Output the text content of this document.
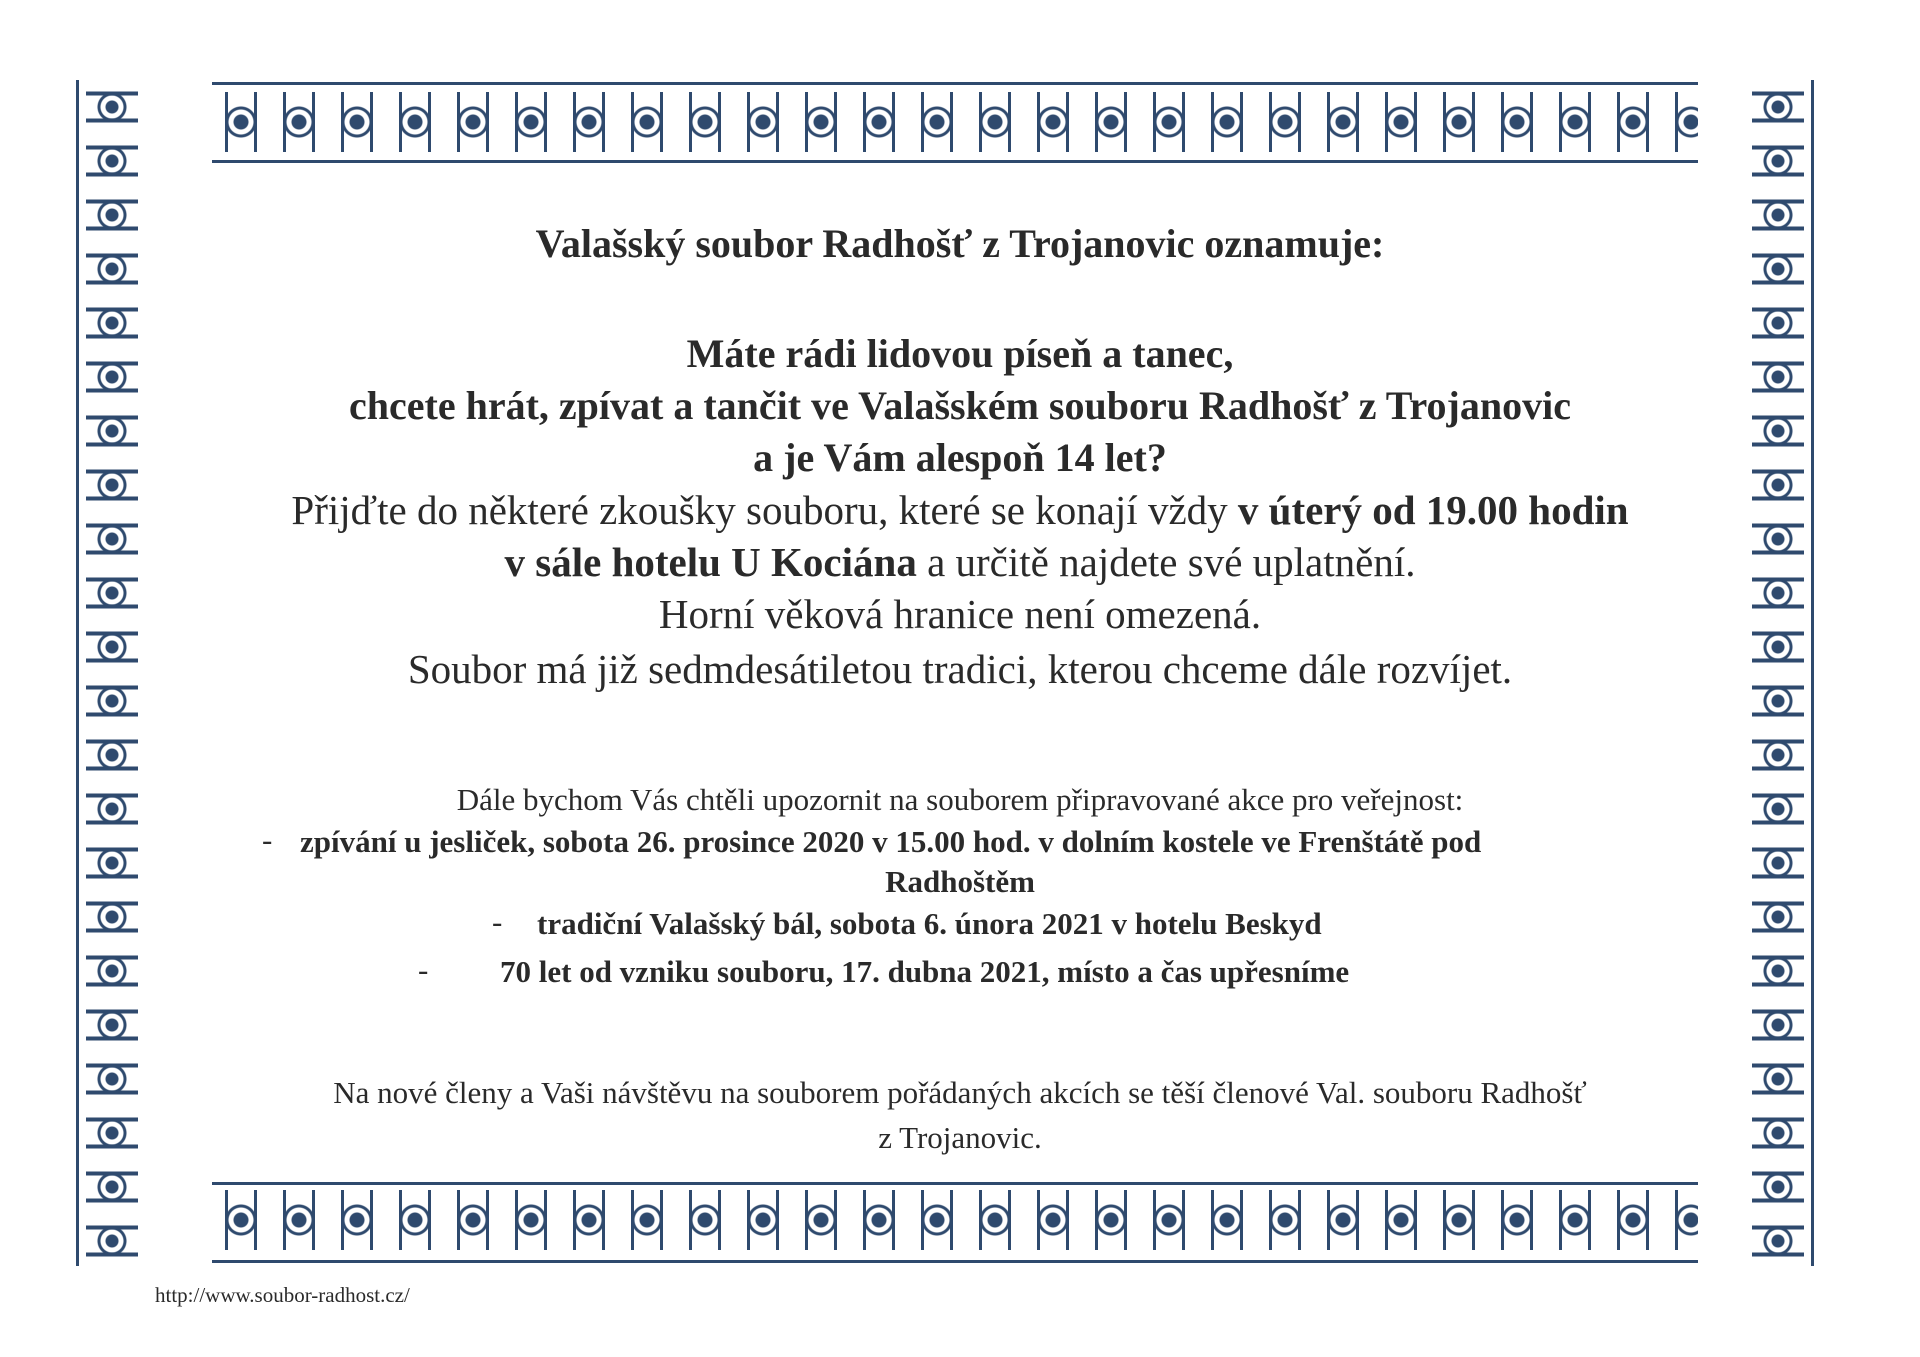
Valašský soubor Radhošť z Trojanovic oznamuje:
Máte rádi lidovou píseň a tanec,
chcete hrát, zpívat a tančit ve Valašském souboru Radhošť z Trojanovic
a je Vám alespoň 14 let?
Přijďte do některé zkoušky souboru, které se konají vždy v úterý od 19.00 hodin
v sále hotelu U Kociána a určitě najdete své uplatnění.
Horní věková hranice není omezená.
Soubor má již sedmdesátiletou tradici, kterou chceme dále rozvíjet.
Dále bychom Vás chtěli upozornit na souborem připravované akce pro veřejnost:
- zpívání u jesliček, sobota 26. prosince 2020 v 15.00 hod. v dolním kostele ve Frenštátě pod
Radhoštěm
- tradiční Valašský bál, sobota 6. února 2021 v hotelu Beskyd
- 70 let od vzniku souboru, 17. dubna 2021, místo a čas upřesníme
Na nové členy a Vaši návštěvu na souborem pořádaných akcích se těší členové Val. souboru Radhošť
z Trojanovic.
http://www.soubor-radhost.cz/
